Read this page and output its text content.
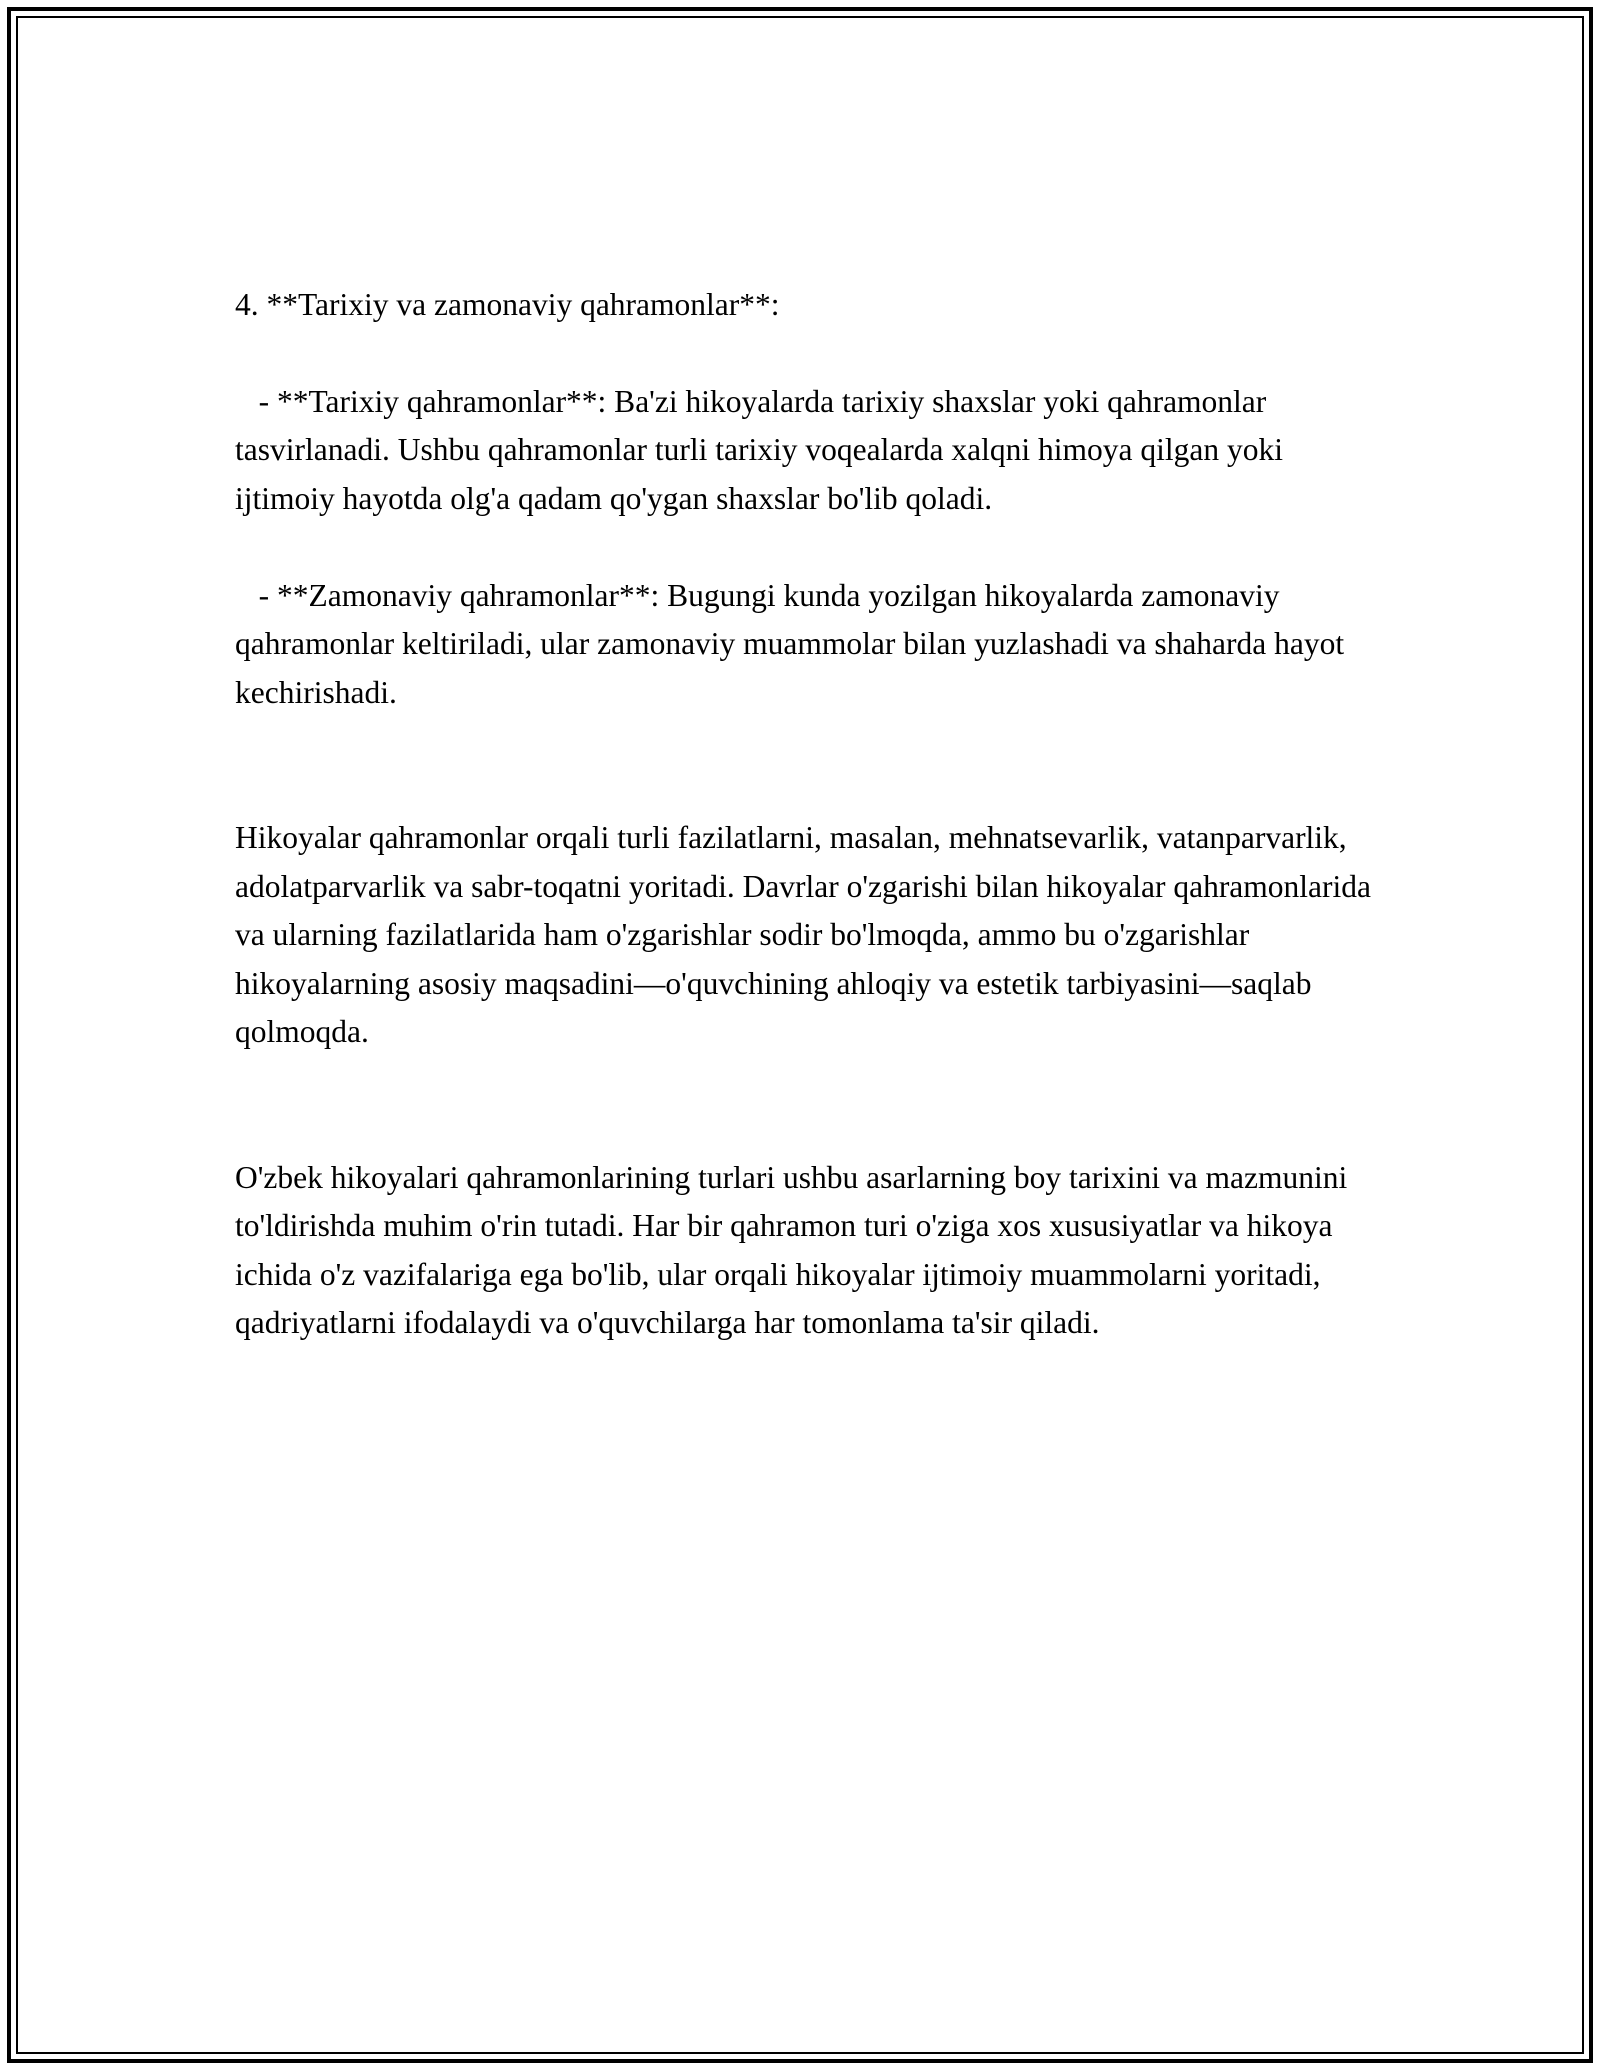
4. **Tarixiy va zamonaviy qahramonlar**:

- **Tarixiy qahramonlar**: Ba'zi hikoyalarda tarixiy shaxslar yoki qahramonlar tasvirlanadi. Ushbu qahramonlar turli tarixiy voqealarda xalqni himoya qilgan yoki ijtimoiy hayotda olg'a qadam qo'ygan shaxslar bo'lib qoladi.

- **Zamonaviy qahramonlar**: Bugungi kunda yozilgan hikoyalarda zamonaviy qahramonlar keltiriladi, ular zamonaviy muammolar bilan yuzlashadi va shaharda hayot kechirishadi.

Hikoyalar qahramonlar orqali turli fazilatlarni, masalan, mehnatsevarlik, vatanparvarlik, adolatparvarlik va sabr-toqatni yoritadi. Davrlar o'zgarishi bilan hikoyalar qahramonlarida va ularning fazilatlarida ham o'zgarishlar sodir bo'lmoqda, ammo bu o'zgarishlar hikoyalarning asosiy maqsadini—o'quvchining ahloqiy va estetik tarbiyasini—saqlab qolmoqda.

O'zbek hikoyalari qahramonlarining turlari ushbu asarlarning boy tarixini va mazmunini to'ldirishda muhim o'rin tutadi. Har bir qahramon turi o'ziga xos xususiyatlar va hikoya ichida o'z vazifalariga ega bo'lib, ular orqali hikoyalar ijtimoiy muammolarni yoritadi, qadriyatlarni ifodalaydi va o'quvchilarga har tomonlama ta'sir qiladi.
